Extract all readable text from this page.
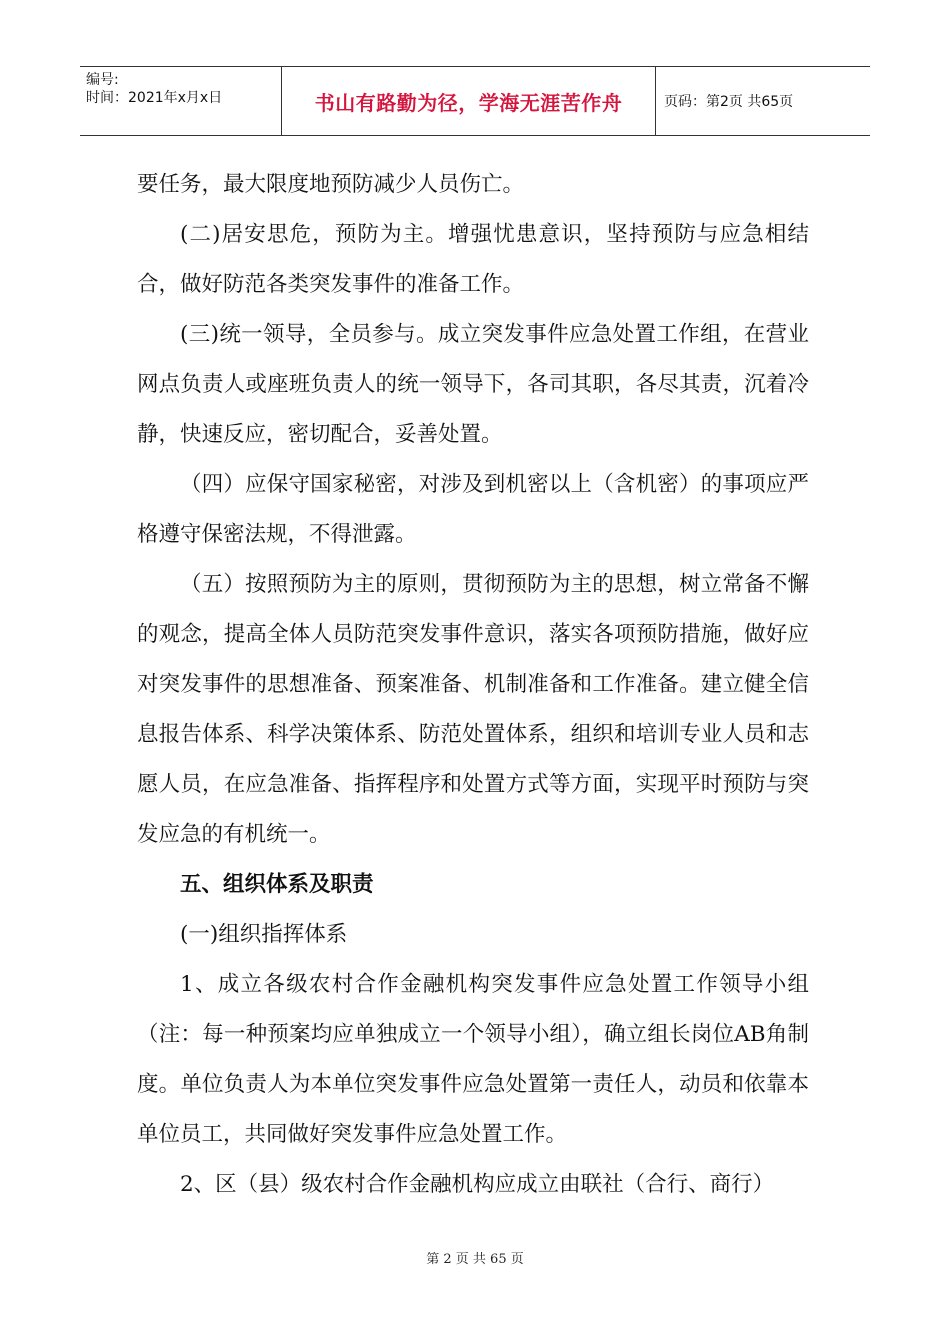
编号:
时间：2021年x月x日	书山有路勤为径，学海无涯苦作舟	页码：第2页 共65页

要任务，最大限度地预防减少人员伤亡。

(二)居安思危，预防为主。增强忧患意识，坚持预防与应急相结合，做好防范各类突发事件的准备工作。

(三)统一领导，全员参与。成立突发事件应急处置工作组，在营业网点负责人或座班负责人的统一领导下，各司其职，各尽其责，沉着冷静，快速反应，密切配合，妥善处置。

（四）应保守国家秘密，对涉及到机密以上（含机密）的事项应严格遵守保密法规，不得泄露。

（五）按照预防为主的原则，贯彻预防为主的思想，树立常备不懈的观念，提高全体人员防范突发事件意识，落实各项预防措施，做好应对突发事件的思想准备、预案准备、机制准备和工作准备。建立健全信息报告体系、科学决策体系、防范处置体系，组织和培训专业人员和志愿人员，在应急准备、指挥程序和处置方式等方面，实现平时预防与突发应急的有机统一。

五、组织体系及职责

(一)组织指挥体系

1、成立各级农村合作金融机构突发事件应急处置工作领导小组（注：每一种预案均应单独成立一个领导小组），确立组长岗位AB角制度。单位负责人为本单位突发事件应急处置第一责任人，动员和依靠本单位员工，共同做好突发事件应急处置工作。

2、区（县）级农村合作金融机构应成立由联社（合行、商行）

第 2 页 共 65 页
